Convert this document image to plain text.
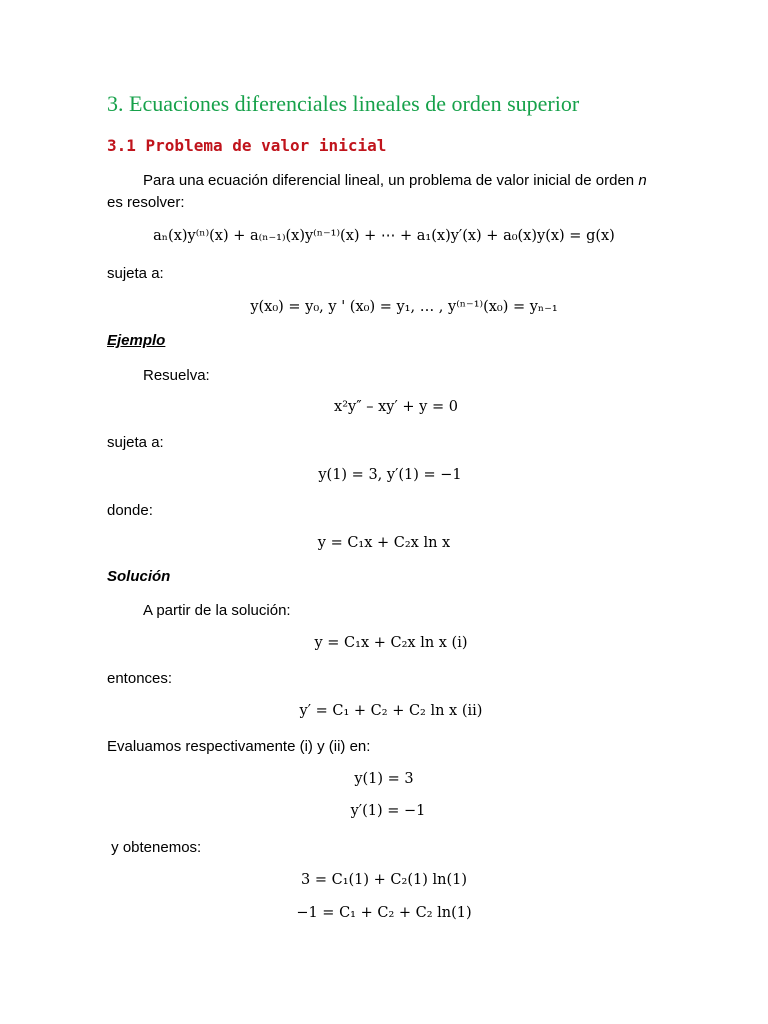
3. Ecuaciones diferenciales lineales de orden superior
3.1 Problema de valor inicial
Para una ecuación diferencial lineal, un problema de valor inicial de orden n
es resolver:
aₙ(x)y⁽ⁿ⁾(x) + a₍ₙ₋₁₎(x)y⁽ⁿ⁻¹⁾(x) + ⋯ + a₁(x)y′(x) + a₀(x)y(x) = g(x)
sujeta a:
y(x₀) = y₀, y ' (x₀) = y₁, … , y⁽ⁿ⁻¹⁾(x₀) = yₙ₋₁
Ejemplo
Resuelva:
x²y″ – xy′ + y = 0
sujeta a:
y(1) = 3, y′(1) = −1
donde:
y = C₁x + C₂x ln x
Solución
A partir de la solución:
y = C₁x + C₂x ln x (i)
entonces:
y′ = C₁ + C₂ + C₂ ln x (ii)
Evaluamos respectivamente (i) y (ii) en:
y(1) = 3
y′(1) = −1
y obtenemos:
3 = C₁(1) + C₂(1) ln(1)
−1 = C₁ + C₂ + C₂ ln(1)
